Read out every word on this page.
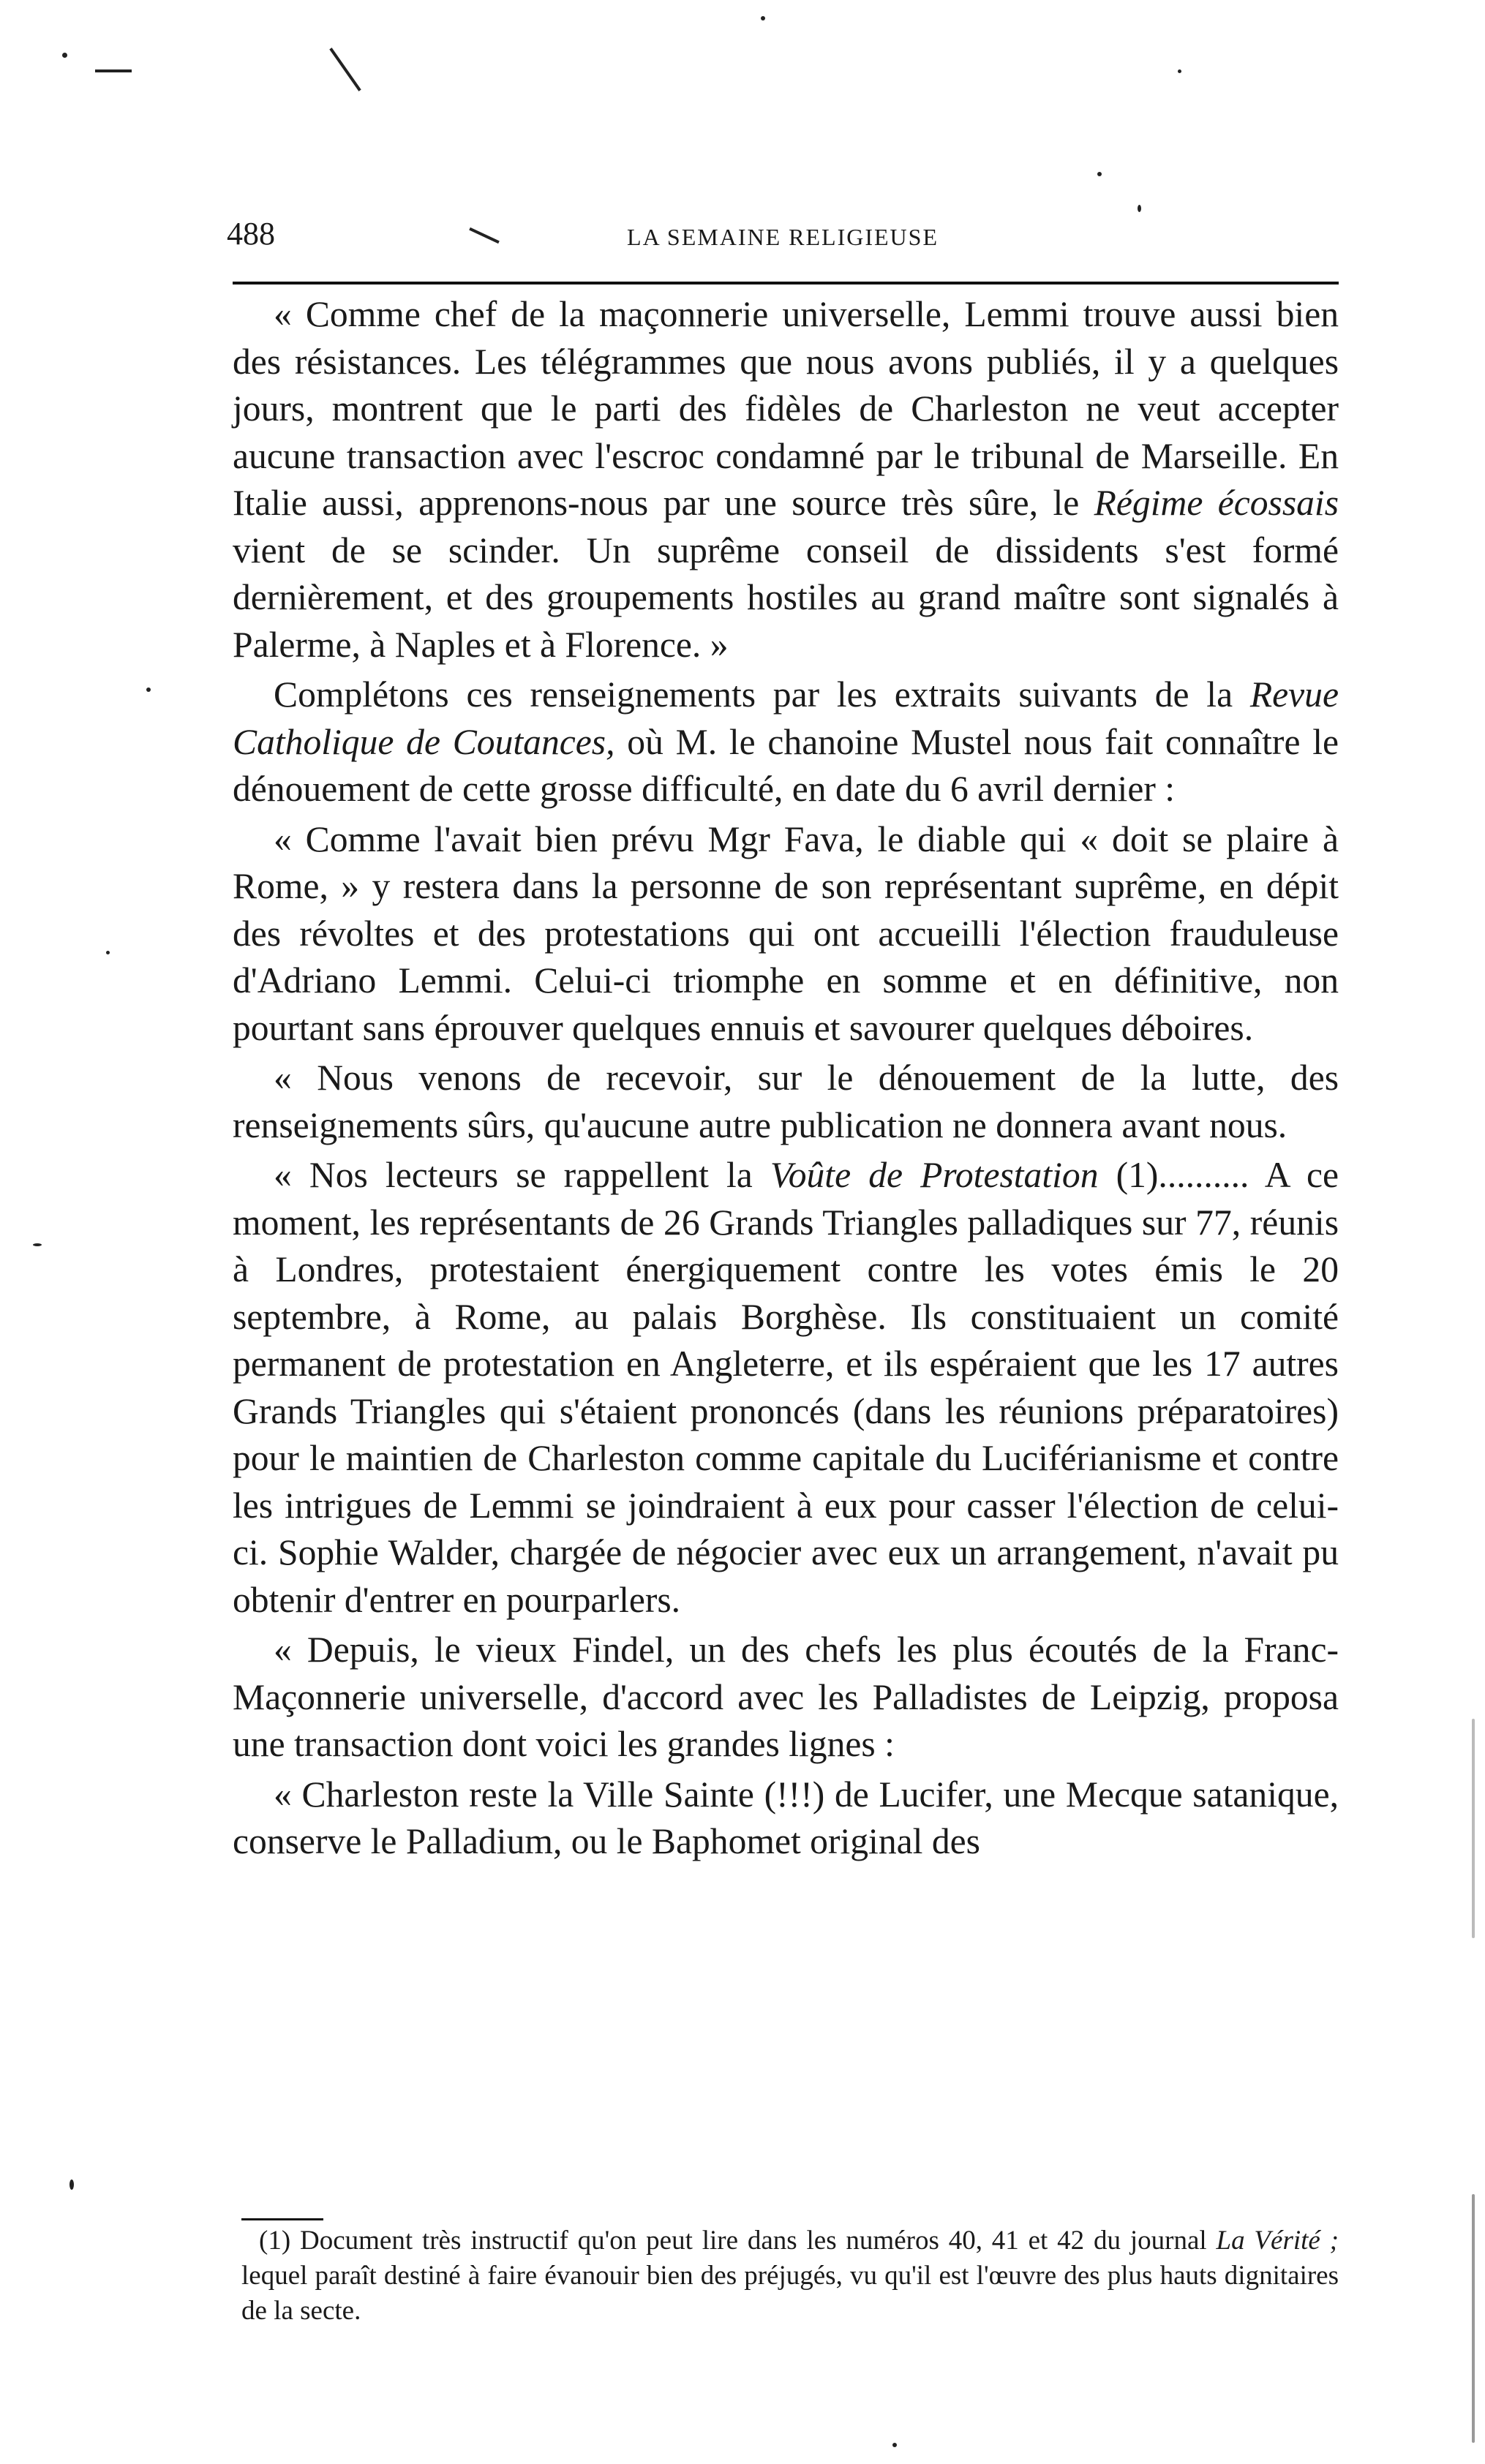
488	LA SEMAINE RELIGIEUSE

« Comme chef de la maçonnerie universelle, Lemmi trouve aussi bien des résistances. Les télégrammes que nous avons publiés, il y a quelques jours, montrent que le parti des fidèles de Charleston ne veut accepter aucune transaction avec l'escroc condamné par le tribunal de Marseille. En Italie aussi, apprenons-nous par une source très sûre, le Régime écossais vient de se scinder. Un suprême conseil de dissidents s'est formé dernièrement, et des groupements hostiles au grand maître sont signalés à Palerme, à Naples et à Florence. »

Complétons ces renseignements par les extraits suivants de la Revue Catholique de Coutances, où M. le chanoine Mustel nous fait connaître le dénouement de cette grosse difficulté, en date du 6 avril dernier :

« Comme l'avait bien prévu Mgr Fava, le diable qui « doit se plaire à Rome, » y restera dans la personne de son représentant suprême, en dépit des révoltes et des protestations qui ont accueilli l'élection frauduleuse d'Adriano Lemmi. Celui-ci triomphe en somme et en définitive, non pourtant sans éprouver quelques ennuis et savourer quelques déboires.

« Nous venons de recevoir, sur le dénouement de la lutte, des renseignements sûrs, qu'aucune autre publication ne donnera avant nous.

« Nos lecteurs se rappellent la Voûte de Protestation (1).......... A ce moment, les représentants de 26 Grands Triangles palladiques sur 77, réunis à Londres, protestaient énergiquement contre les votes émis le 20 septembre, à Rome, au palais Borghèse. Ils constituaient un comité permanent de protestation en Angleterre, et ils espéraient que les 17 autres Grands Triangles qui s'étaient prononcés (dans les réunions préparatoires) pour le maintien de Charleston comme capitale du Luciférianisme et contre les intrigues de Lemmi se joindraient à eux pour casser l'élection de celui-ci. Sophie Walder, chargée de négocier avec eux un arrangement, n'avait pu obtenir d'entrer en pourparlers.

« Depuis, le vieux Findel, un des chefs les plus écoutés de la Franc-Maçonnerie universelle, d'accord avec les Palladistes de Leipzig, proposa une transaction dont voici les grandes lignes :

« Charleston reste la Ville Sainte (!!!) de Lucifer, une Mecque satanique, conserve le Palladium, ou le Baphomet original des

(1) Document très instructif qu'on peut lire dans les numéros 40, 41 et 42 du journal La Vérité ; lequel paraît destiné à faire évanouir bien des préjugés, vu qu'il est l'œuvre des plus hauts dignitaires de la secte.
